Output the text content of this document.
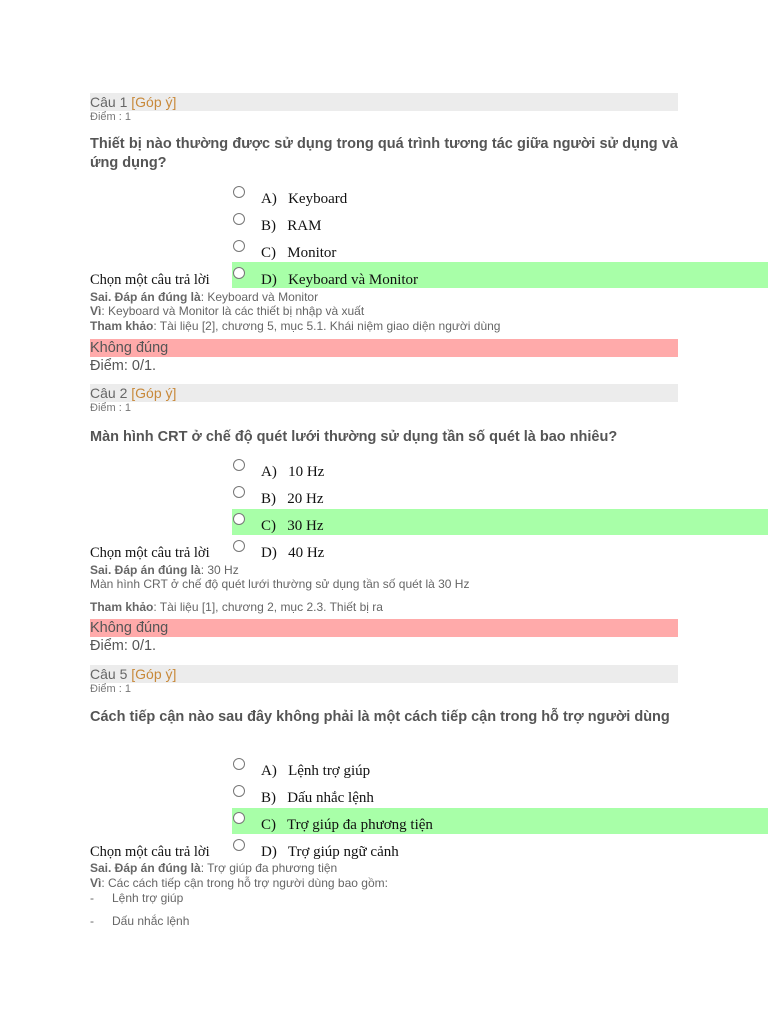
Câu 1 [Góp ý]
Điểm : 1
Thiết bị nào thường được sử dụng trong quá trình tương tác giữa người sử dụng và ứng dụng?
A) Keyboard
B) RAM
C) Monitor
D) Keyboard và Monitor
Chọn một câu trả lời
Sai. Đáp án đúng là: Keyboard và Monitor
Vì: Keyboard và Monitor là các thiết bị nhập và xuất
Tham khảo: Tài liệu [2], chương 5, mục 5.1. Khái niệm giao diện người dùng
Không đúng
Điểm: 0/1.
Câu 2 [Góp ý]
Điểm : 1
Màn hình CRT ở chế độ quét lưới thường sử dụng tần số quét là bao nhiêu?
A) 10 Hz
B) 20 Hz
C) 30 Hz
D) 40 Hz
Chọn một câu trả lời
Sai. Đáp án đúng là: 30 Hz
Màn hình CRT ở chế độ quét lưới thường sử dụng tần số quét là 30 Hz
Tham khảo: Tài liệu [1], chương 2, mục 2.3. Thiết bị ra
Không đúng
Điểm: 0/1.
Câu 5 [Góp ý]
Điểm : 1
Cách tiếp cận nào sau đây không phải là một cách tiếp cận trong hỗ trợ người dùng
A) Lệnh trợ giúp
B) Dấu nhắc lệnh
C) Trợ giúp đa phương tiện
D) Trợ giúp ngữ cảnh
Chọn một câu trả lời
Sai. Đáp án đúng là: Trợ giúp đa phương tiện
Vì: Các cách tiếp cận trong hỗ trợ người dùng bao gồm:
- Lệnh trợ giúp
- Dấu nhắc lệnh
